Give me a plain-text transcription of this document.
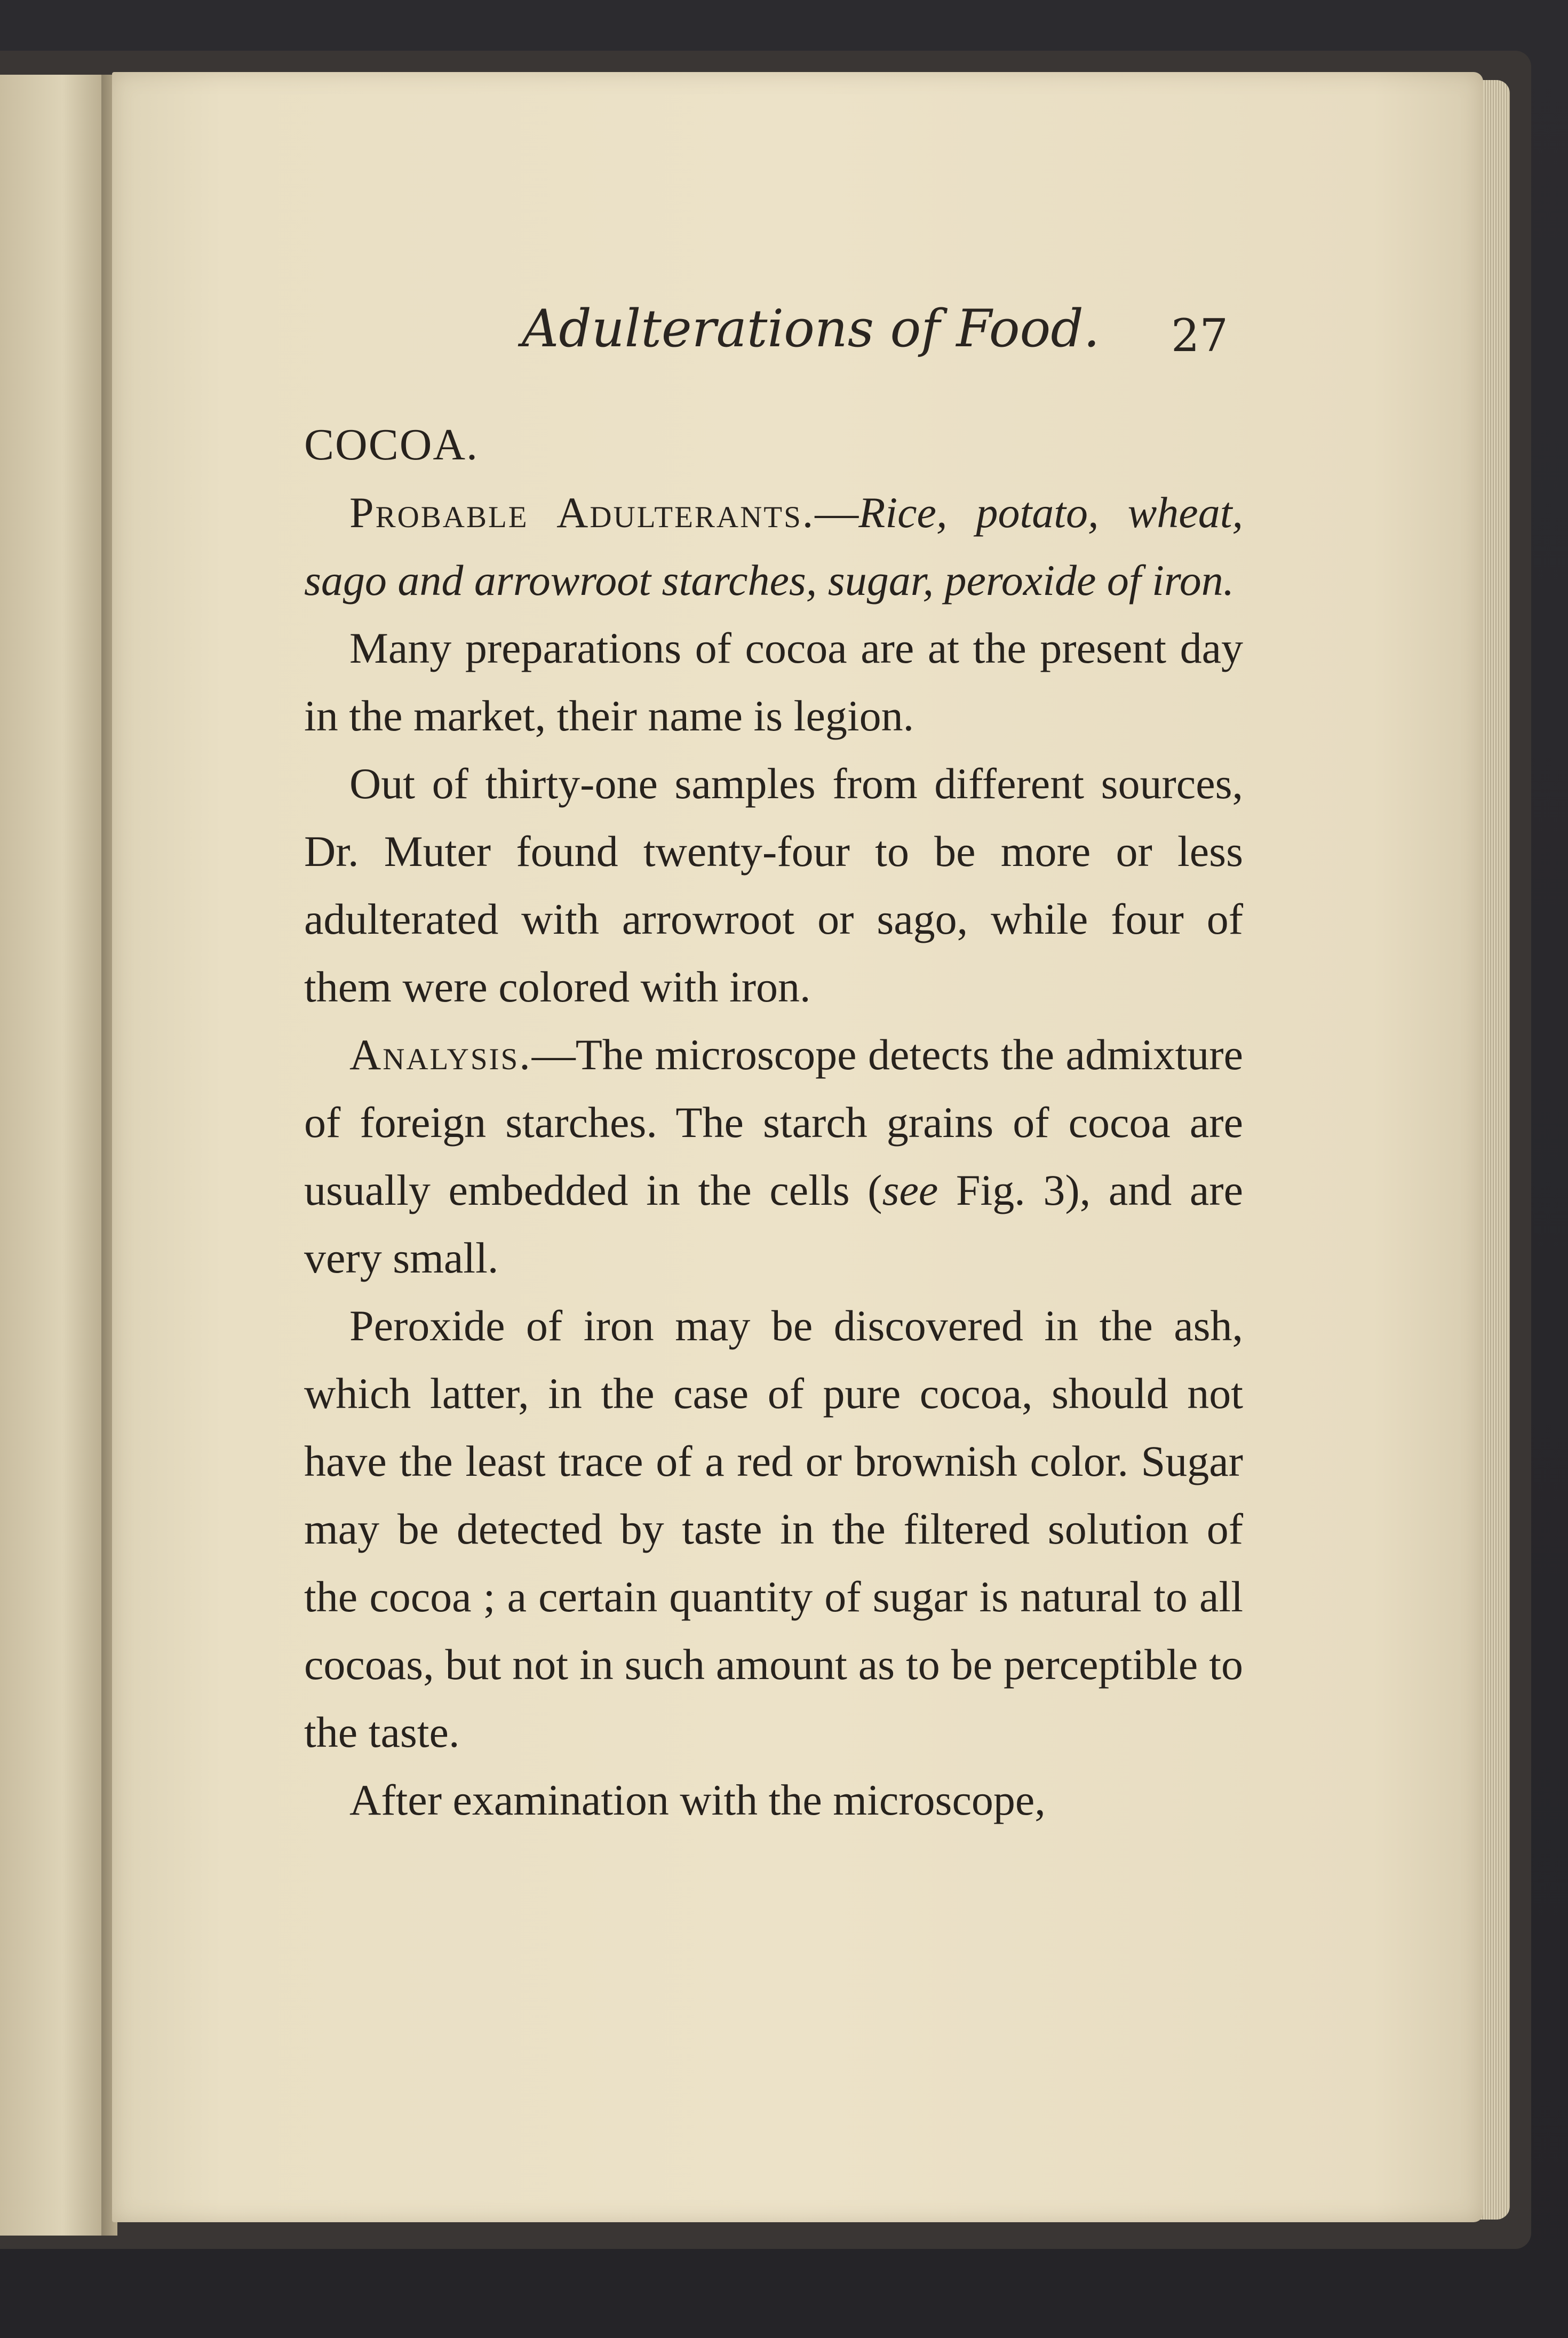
Adulterations of Food. 27

COCOA.

Probable Adulterants.—Rice, potato, wheat, sago and arrowroot starches, sugar, peroxide of iron.

Many preparations of cocoa are at the present day in the market, their name is legion.

Out of thirty-one samples from different sources, Dr. Muter found twenty-four to be more or less adulterated with arrowroot or sago, while four of them were colored with iron.

Analysis.—The microscope detects the admixture of foreign starches. The starch grains of cocoa are usually embedded in the cells (see Fig. 3), and are very small.

Peroxide of iron may be discovered in the ash, which latter, in the case of pure cocoa, should not have the least trace of a red or brownish color. Sugar may be detected by taste in the filtered solution of the cocoa ; a certain quantity of sugar is natural to all cocoas, but not in such amount as to be perceptible to the taste.

After examination with the microscope,
